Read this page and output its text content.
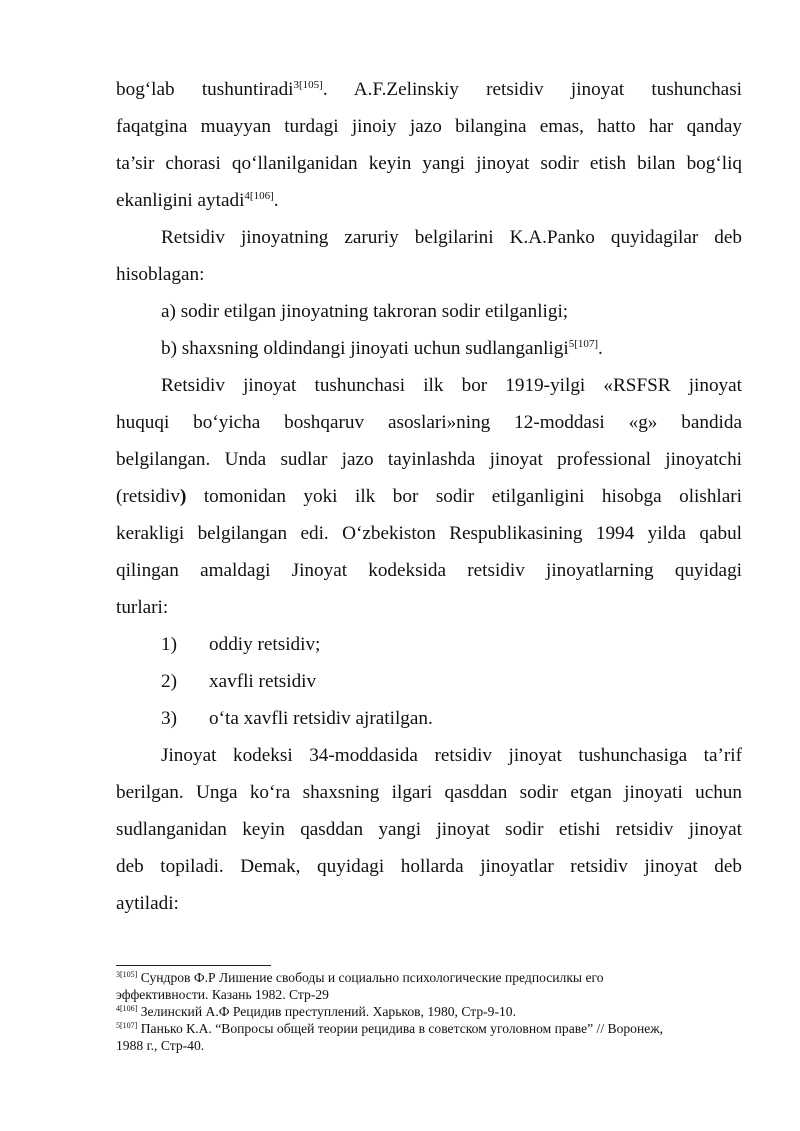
bog‘lab tushuntiradi$^{3[105]}$. A.F.Zelinskiy retsidiv jinoyat tushunchasi
faqatgina muayyan turdagi jinoiy jazo bilangina emas, hatto har qanday
ta’sir chorasi qo‘llanilganidan keyin yangi jinoyat sodir etish bilan bog‘liq
ekanligini aytadi$^{4[106]}$.
Retsidiv jinoyatning zaruriy belgilarini K.A.Panko quyidagilar deb
hisoblagan:
a) sodir etilgan jinoyatning takroran sodir etilganligi;
b) shaxsning oldindangi jinoyati uchun sudlanganligi$^{5[107]}$.
Retsidiv jinoyat tushunchasi ilk bor 1919-yilgi «RSFSR jinoyat
huquqi bo‘yicha boshqaruv asoslari»ning 12-moddasi «g» bandida
belgilangan. Unda sudlar jazo tayinlashda jinoyat professional jinoyatchi
(retsidiv) tomonidan yoki ilk bor sodir etilganligini hisobga olishlari
kerakligi belgilangan edi. O‘zbekiston Respublikasining 1994 yilda qabul
qilingan amaldagi Jinoyat kodeksida retsidiv jinoyatlarning quyidagi
turlari:
1) oddiy retsidiv;
2) xavfli retsidiv
3) o‘ta xavfli retsidiv ajratilgan.
Jinoyat kodeksi 34-moddasida retsidiv jinoyat tushunchasiga ta’rif
berilgan. Unga ko‘ra shaxsning ilgari qasddan sodir etgan jinoyati uchun
sudlanganidan keyin qasddan yangi jinoyat sodir etishi retsidiv jinoyat
deb topiladi. Demak, quyidagi hollarda jinoyatlar retsidiv jinoyat deb
aytiladi:
$^{3[105]}$ Сундров Ф.Р Лишение свободы и социально психологические предпосилкы его
эффективности. Казань 1982. Стр-29
$^{4[106]}$ Зелинский А.Ф Рецидив преступлений. Харьков, 1980, Стр-9-10.
$^{5[107]}$ Панько К.А. “Вопросы общей теории рецидива в советском уголовном праве” // Воронеж,
1988 г., Стр-40.
